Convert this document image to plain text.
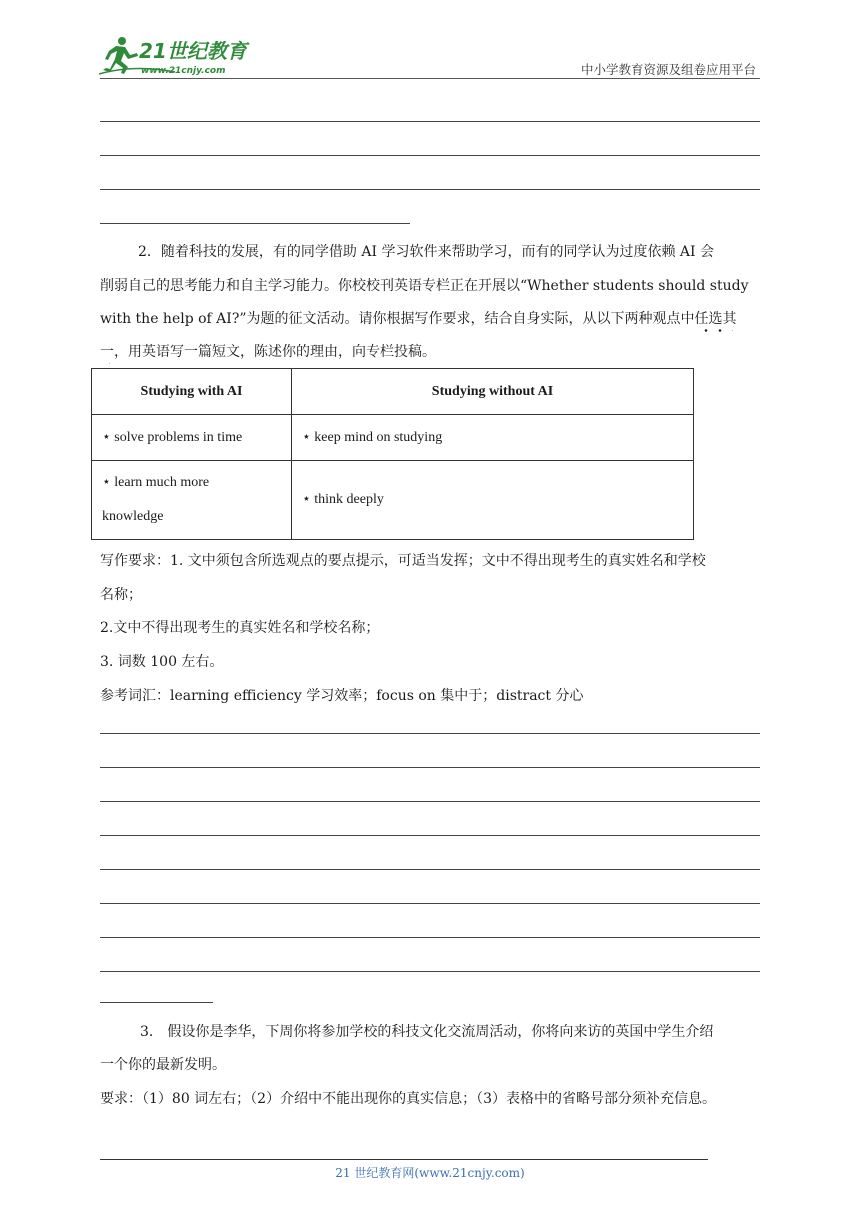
21世纪教育
www.21cnjy.com	中小学教育资源及组卷应用平台

2．随着科技的发展，有的同学借助 AI 学习软件来帮助学习，而有的同学认为过度依赖 AI 会

削弱自己的思考能力和自主学习能力。你校校刊英语专栏正在开展以“Whether students should study

with the help of AI?”为题的征文活动。请你根据写作要求，结合自身实际，从以下两种观点中任选其

一，用英语写一篇短文，陈述你的理由，向专栏投稿。

Studying with AI	Studying without AI
⋆ solve problems in time	⋆ keep mind on studying
⋆ learn much more knowledge	⋆ think deeply

写作要求：1. 文中须包含所选观点的要点提示，可适当发挥；文中不得出现考生的真实姓名和学校

名称；

2.文中不得出现考生的真实姓名和学校名称；

3. 词数 100 左右。

参考词汇：learning efficiency 学习效率；focus on 集中于；distract 分心

3． 假设你是李华，下周你将参加学校的科技文化交流周活动，你将向来访的英国中学生介绍

一个你的最新发明。

要求：（1）80 词左右；（2）介绍中不能出现你的真实信息；（3）表格中的省略号部分须补充信息。

21 世纪教育网(www.21cnjy.com)
